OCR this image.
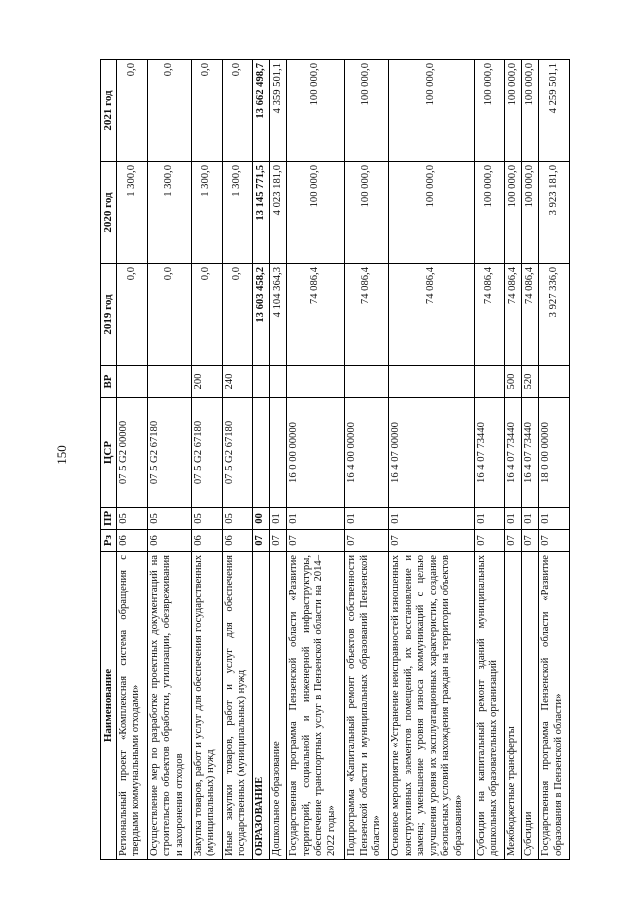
150
Наименование	Рз	ПР	ЦСР	ВР	2019 год	2020 год	2021 год
Региональный проект «Комплексная система обращения с твердыми коммунальными отходами»	06	05	07 5 G2 00000		0,0	1 300,0	0,0
Осуществление мер по разработке проектных документаций на строительство объектов обработки, утилизации, обезвреживания и захоронения отходов	06	05	07 5 G2 67180		0,0	1 300,0	0,0
Закупка товаров, работ и услуг для обеспечения государственных (муниципальных) нужд	06	05	07 5 G2 67180	200	0,0	1 300,0	0,0
Иные закупки товаров, работ и услуг для обеспечения государственных (муниципальных) нужд	06	05	07 5 G2 67180	240	0,0	1 300,0	0,0
ОБРАЗОВАНИЕ	07	00			13 603 458,2	13 145 771,5	13 662 498,7
Дошкольное образование	07	01			4 104 364,3	4 023 181,0	4 359 501,1
Государственная программа Пензенской области «Развитие территорий, социальной и инженерной инфраструктуры, обеспечение транспортных услуг в Пензенской области на 2014–2022 годы»	07	01	16 0 00 00000		74 086,4	100 000,0	100 000,0
Подпрограмма «Капитальный ремонт объектов собственности Пензенской области и муниципальных образований Пензенской области»	07	01	16 4 00 00000		74 086,4	100 000,0	100 000,0
Основное мероприятие «Устранение неисправностей изношенных конструктивных элементов помещений, их восстановление и замена; уменьшение уровня износа коммуникаций с целью улучшения уровня их эксплуатационных характеристик, создание безопасных условий нахождения граждан на территории объектов образования»	07	01	16 4 07 00000		74 086,4	100 000,0	100 000,0
Субсидии на капитальный ремонт зданий муниципальных дошкольных образовательных организаций	07	01	16 4 07 73440		74 086,4	100 000,0	100 000,0
Межбюджетные трансферты	07	01	16 4 07 73440	500	74 086,4	100 000,0	100 000,0
Субсидии	07	01	16 4 07 73440	520	74 086,4	100 000,0	100 000,0
Государственная программа Пензенской области «Развитие образования в Пензенской области»	07	01	18 0 00 00000		3 927 336,0	3 923 181,0	4 259 501,1
